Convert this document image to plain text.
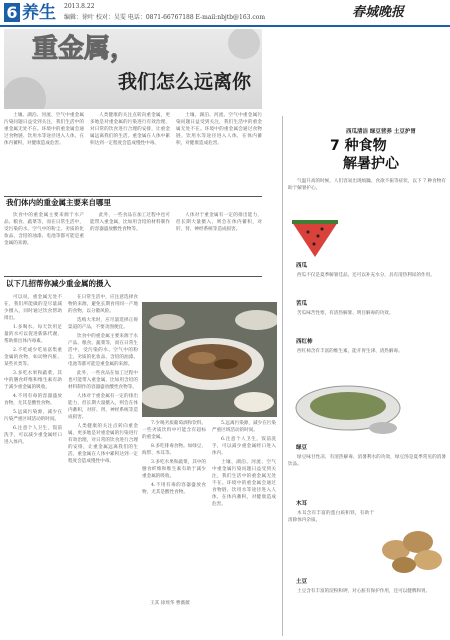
6 养生 2013.8.22
编辑：徐叶 校对：吴雯 电话：0871-66767188 E-mail:nbjtb@163.com	春城晚报
重金属，
我们怎么远离你

土壤、湖泊、河流、空气中重金属污染问题日益受到关注，我们生活中的重金属无处不在。环境中的重金属会通过食物链、饮用水等途径进入人体，在体内蓄积，对健康造成危害。

人类健康的关注点转向重金属，更多地是对重金属的污染进行有效治理，对日常的饮食进行合理的安排，让重金属远离我们的生活。重金属在人体中累积达到一定程度会造成慢性中毒。

土壤、湖泊、河流、空气中重金属污染问题日益受到关注，我们生活中的重金属无处不在。环境中的重金属会通过食物链、饮用水等途径进入人体，在体内蓄积，对健康造成危害。

我们体内的重金属主要来自哪里

饮食中的重金属主要来源于水产品、粮食、蔬菜等，而在日常生活中，受污染的水、空气中的粉尘、劣质的化妆品、含铅的油漆、电池等都可能是重金属的来源。

此外，一些食品在加工过程中也可能带入重金属，比如用含铅的材料制作的容器盛放酸性食物等。

人体对于重金属有一定的排出能力，但长期大量摄入，则会在体内蓄积，对肝、肾、神经系统等造成损害。

以下几招帮你减少重金属的摄入

可以说，重金属无处不在，我们所能做的是尽量减少摄入，同时通过饮食帮助排出。

1.多喝水。每天饮用足量的水可以促进新陈代谢，帮助排出体内毒素。

2.不吃或少吃易富集重金属的食物，如动物内脏、某些贝类等。

3.多吃水果和蔬菜，其中的膳食纤维和维生素有助于减少重金属的吸收。

4.不用有毒的容器盛放食物，尤其是酸性食物。

5.远离污染源，减少在污染严重区域活动的时间。

6.注意个人卫生，饭前洗手，可以减少重金属经口进入体内。

在日常生活中，应注意选择食物的来源，避免长期食用同一产地的食物，以分散风险。

选购大米时，应尽量选择正规渠道的产品，不要贪图便宜。

饮食中的重金属主要来源于水产品、粮食、蔬菜等，而在日常生活中，受污染的水、空气中的粉尘、劣质的化妆品、含铅的油漆、电池等都可能是重金属的来源。

此外，一些食品在加工过程中也可能带入重金属，比如用含铅的材料制作的容器盛放酸性食物等。

人体对于重金属有一定的排出能力，但长期大量摄入，则会在体内蓄积，对肝、肾、神经系统等造成损害。

人类健康的关注点转向重金属，更多地是对重金属的污染进行有效治理，对日常的饮食进行合理的安排，让重金属远离我们的生活。重金属在人体中累积达到一定程度会造成慢性中毒。

7.少喝劣质葡萄酒和饮料。一些劣质饮料中可能含有超标的重金属。

8.多吃排毒食物。如绿豆、海带、木耳等。

3.多吃水果和蔬菜，其中的膳食纤维和维生素有助于减少重金属的吸收。

4.不用有毒的容器盛放食物，尤其是酸性食物。

5.远离污染源，减少在污染严重区域活动的时间。

6.注意个人卫生，饭前洗手，可以减少重金属经口进入体内。

土壤、湖泊、河流、空气中重金属污染问题日益受到关注，我们生活中的重金属无处不在。环境中的重金属会通过食物链、饮用水等途径进入人体，在体内蓄积，对健康造成危害。

王其 徐瑶华 曹薇薇
西瓜清洁 绿豆营养 土豆护胃
7 种食物
解暑护心

气温升高的时候，人们容易出现烦躁、食欲不振等症状，以下 7 种食物有助于解暑护心。

西瓜

西瓜不仅是夏季解暑佳品，还可以补充水分，具有清热利尿的作用。

苦瓜

苦瓜味苦性寒，有清热解暑、明目解毒的功效。

西红柿

西红柿含有丰富的维生素，能开胃生津、清热解毒。

绿豆

绿豆味甘性凉，有清热解毒、消暑利水的功效，绿豆汤是夏季常见的消暑饮品。

木耳

木耳含有丰富的蛋白质和铁，有助于清除体内杂质。

土豆

土豆含有丰富的淀粉和钾，对心脏有保护作用，还可以健脾和胃。
